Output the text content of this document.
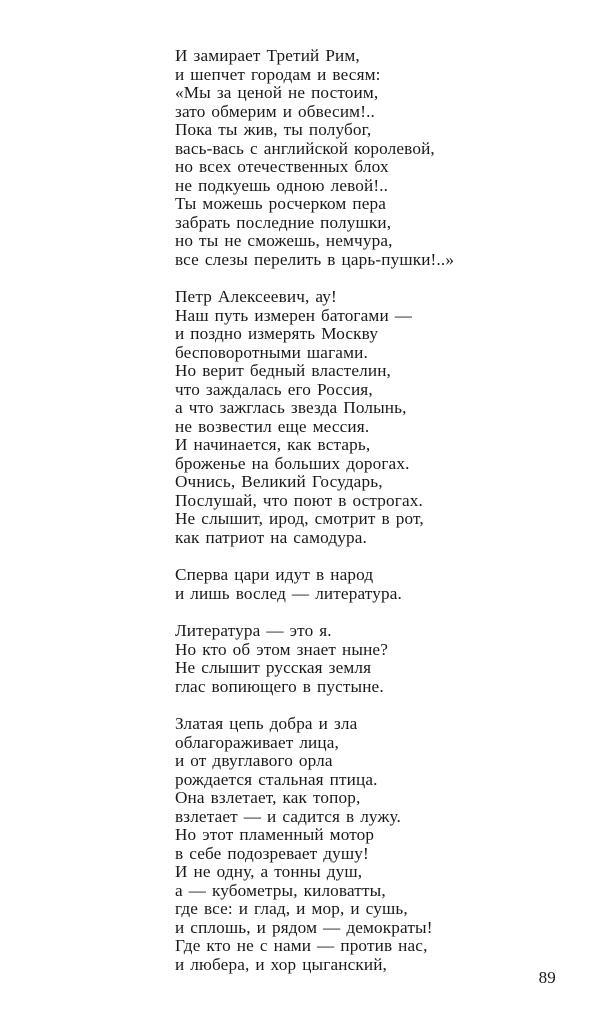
И замирает Третий Рим,
и шепчет городам и весям:
«Мы за ценой не постоим,
зато обмерим и обвесим!..
Пока ты жив, ты полубог,
вась-вась с английской королевой,
но всех отечественных блох
не подкуешь одною левой!..
Ты можешь росчерком пера
забрать последние полушки,
но ты не сможешь, немчура,
все слезы перелить в царь-пушки!..»
Петр Алексеевич, ау!
Наш путь измерен батогами —
и поздно измерять Москву
бесповоротными шагами.
Но верит бедный властелин,
что заждалась его Россия,
а что зажглась звезда Полынь,
не возвестил еще мессия.
И начинается, как встарь,
броженье на больших дорогах.
Очнись, Великий Государь,
Послушай, что поют в острогах.
Не слышит, ирод, смотрит в рот,
как патриот на самодура.
Сперва цари идут в народ
и лишь вослед — литература.
Литература — это я.
Но кто об этом знает ныне?
Не слышит русская земля
глас вопиющего в пустыне.
Златая цепь добра и зла
облагораживает лица,
и от двуглавого орла
рождается стальная птица.
Она взлетает, как топор,
взлетает — и садится в лужу.
Но этот пламенный мотор
в себе подозревает душу!
И не одну, а тонны душ,
а — кубометры, киловатты,
где все: и глад, и мор, и сушь,
и сплошь, и рядом — демократы!
Где кто не с нами — против нас,
и люберa, и хор цыганский,
89
